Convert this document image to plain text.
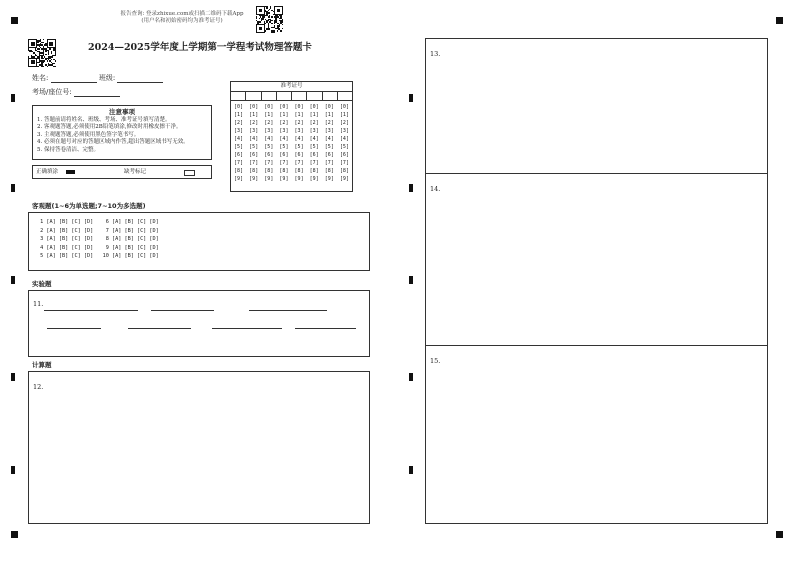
报告查询: 登录zhixue.com或扫描二维码下载App
(用户名和初始密码均为准考证号)
2024—2025学年度上学期第一学程考试物理答题卡
姓名:	班级:
考场/座位号:
注意事项
1. 答题前请将姓名、班级、考场、准考证号填写清楚。
2. 客观题答题,必须使用2B铅笔填涂,修改时用橡皮擦干净。
3. 主观题答题,必须使用黑色签字笔书写。
4. 必须在题号对应的答题区域内作答,超出答题区域书写无效。
5. 保持答卷清洁、完整。
正确填涂	缺考标记
准考证号
[0]
[1]
[2]
[3]
[4]
[5]
[6]
[7]
[8]
[9]
[0]
[1]
[2]
[3]
[4]
[5]
[6]
[7]
[8]
[9]
[0]
[1]
[2]
[3]
[4]
[5]
[6]
[7]
[8]
[9]
[0]
[1]
[2]
[3]
[4]
[5]
[6]
[7]
[8]
[9]
[0]
[1]
[2]
[3]
[4]
[5]
[6]
[7]
[8]
[9]
[0]
[1]
[2]
[3]
[4]
[5]
[6]
[7]
[8]
[9]
[0]
[1]
[2]
[3]
[4]
[5]
[6]
[7]
[8]
[9]
[0]
[1]
[2]
[3]
[4]
[5]
[6]
[7]
[8]
[9]
客观题(1~6为单选题;7~10为多选题)
1 [A] [B] [C] [D]    6 [A] [B] [C] [D]
2 [A] [B] [C] [D]    7 [A] [B] [C] [D]
3 [A] [B] [C] [D]    8 [A] [B] [C] [D]
4 [A] [B] [C] [D]    9 [A] [B] [C] [D]
5 [A] [B] [C] [D]   10 [A] [B] [C] [D]
实验题
11.
计算题
12.
13.
14.
15.
